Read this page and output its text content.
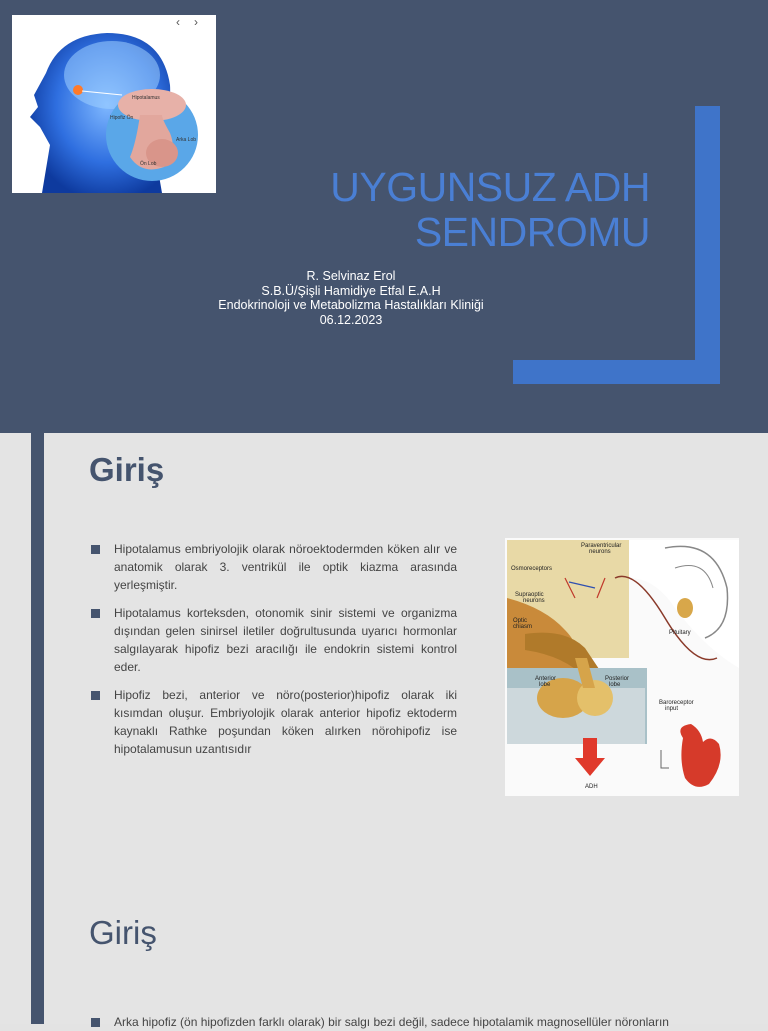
Hipotalamus
Hipofiz Ön
Arka Lob
Ön Lob
‹›
UYGUNSUZ ADH
SENDROMU
R. Selvinaz Erol
S.B.Ü/Şişli Hamidiye Etfal E.A.H
Endokrinoloji ve Metabolizma Hastalıkları Kliniği
06.12.2023
Giriş
Hipotalamus embriyolojik olarak nöroektodermden köken alır ve anatomik olarak 3. ventrikül ile optik kiazma arasında yerleşmiştir.
Hipotalamus korteksden, otonomik sinir sistemi ve organizma dışından gelen sinirsel iletiler doğrultusunda uyarıcı hormonlar salgılayarak hipofiz bezi aracılığı ile endokrin sistemi kontrol eder.
Hipofiz bezi, anterior ve nöro(posterior)hipofiz olarak iki kısımdan oluşur. Embriyolojik olarak anterior hipofiz ektoderm kaynaklı Rathke poşundan köken alırken nörohipofiz ise hipotalamusun uzantısıdır
Paraventricular
neurons
Osmoreceptors
Supraoptic
neurons
Optic
chiasm
Pituitary
Anterior
lobe
Posterior
lobe
Baroreceptor
input
ADH
Giriş
Arka hipofiz (ön hipofizden farklı olarak) bir salgı bezi değil, sadece hipotalamik magnosellüler nöronların
